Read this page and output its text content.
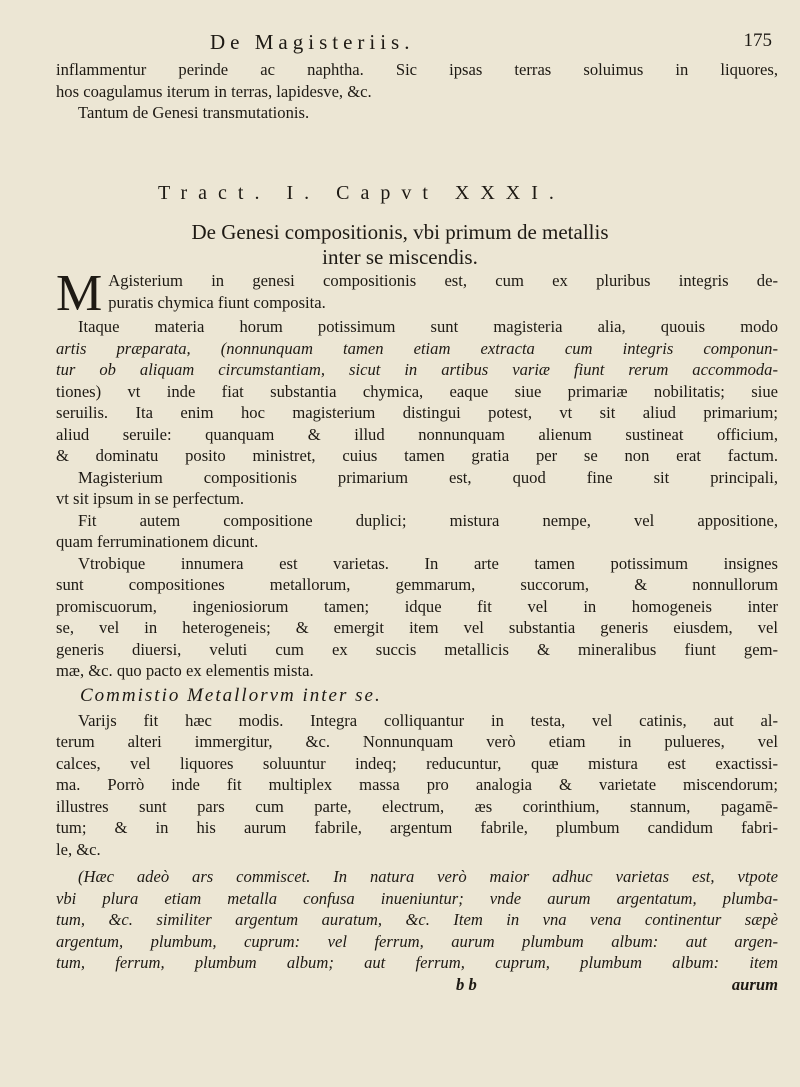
De Magisteriis.	175
inflammentur perinde ac naphtha. Sic ipsas terras soluimus in liquores,
hos coagulamus iterum in terras, lapidesve, &c.
Tantum de Genesi transmutationis.
Tract. I. Capvt XXXI.
De Genesi compositionis, vbi primum de metallis
inter se miscendis.
M Agisterium in genesi compositionis est, cum ex pluribus integris de-
puratis chymica fiunt composita.
Itaque materia horum potissimum sunt magisteria alia, quouis modo
artis præparata, (nonnunquam tamen etiam extracta cum integris componun-
tur ob aliquam circumstantiam, sicut in artibus variæ fiunt rerum accommoda-
tiones) vt inde fiat substantia chymica, eaque siue primariæ nobilitatis; siue
seruilis. Ita enim hoc magisterium distingui potest, vt sit aliud primarium;
aliud seruile: quanquam & illud nonnunquam alienum sustineat officium,
& dominatu posito ministret, cuius tamen gratia per se non erat factum.
Magisterium compositionis primarium est, quod fine sit principali,
vt sit ipsum in se perfectum.
Fit autem compositione duplici; mistura nempe, vel appositione,
quam ferruminationem dicunt.
Vtrobique innumera est varietas. In arte tamen potissimum insignes
sunt compositiones metallorum, gemmarum, succorum, & nonnullorum
promiscuorum, ingeniosiorum tamen; idque fit vel in homogeneis inter
se, vel in heterogeneis; & emergit item vel substantia generis eiusdem, vel
generis diuersi, veluti cum ex succis metallicis & mineralibus fiunt gem-
mæ, &c. quo pacto ex elementis mista.
Commistio Metallorvm inter se.
Varijs fit hæc modis. Integra colliquantur in testa, vel catinis, aut al-
terum alteri immergitur, &c. Nonnunquam verò etiam in pulueres, vel
calces, vel liquores soluuntur indeq; reducuntur, quæ mistura est exactissi-
ma. Porrò inde fit multiplex massa pro analogia & varietate miscendorum;
illustres sunt pars cum parte, electrum, æs corinthium, stannum, pagamē-
tum; & in his aurum fabrile, argentum fabrile, plumbum candidum fabri-
le, &c.
(Hæc adeò ars commiscet. In natura verò maior adhuc varietas est, vtpote
vbi plura etiam metalla confusa inueniuntur; vnde aurum argentatum, plumba-
tum, &c. similiter argentum auratum, &c. Item in vna vena continentur sæpè
argentum, plumbum, cuprum: vel ferrum, aurum plumbum album: aut argen-
tum, ferrum, plumbum album; aut ferrum, cuprum, plumbum album: item
b b	aurum
